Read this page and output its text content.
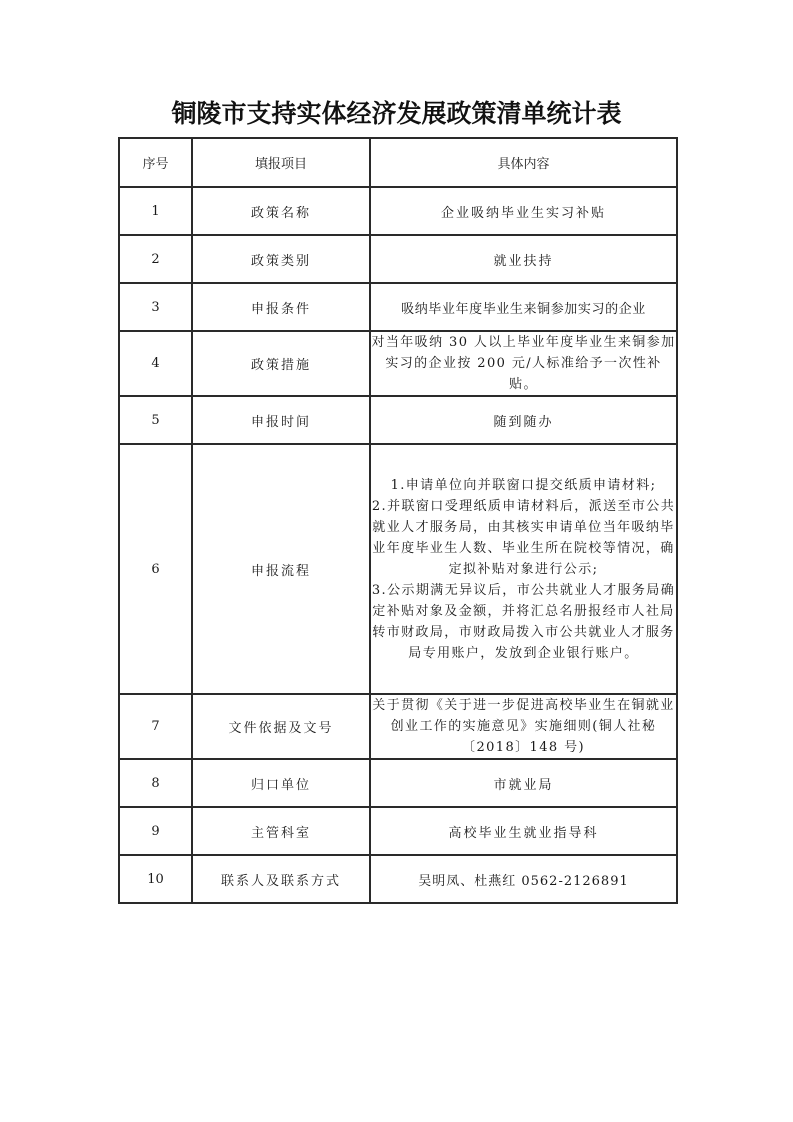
铜陵市支持实体经济发展政策清单统计表
序号	填报项目	具体内容
1	政策名称	企业吸纳毕业生实习补贴
2	政策类别	就业扶持
3	申报条件	吸纳毕业年度毕业生来铜参加实习的企业
4	政策措施	对当年吸纳 30 人以上毕业年度毕业生来铜参加实习的企业按 200 元/人标准给予一次性补贴。
5	申报时间	随到随办
6	申报流程	1.申请单位向并联窗口提交纸质申请材料;
2.并联窗口受理纸质申请材料后，派送至市公共就业人才服务局，由其核实申请单位当年吸纳毕业年度毕业生人数、毕业生所在院校等情况，确定拟补贴对象进行公示;
3.公示期满无异议后，市公共就业人才服务局确定补贴对象及金额，并将汇总名册报经市人社局转市财政局，市财政局拨入市公共就业人才服务局专用账户，发放到企业银行账户。

7	文件依据及文号	关于贯彻《关于进一步促进高校毕业生在铜就业创业工作的实施意见》实施细则(铜人社秘〔2018〕148 号)
8	归口单位	市就业局
9	主管科室	高校毕业生就业指导科
10	联系人及联系方式	吴明凤、杜燕红 0562-2126891
